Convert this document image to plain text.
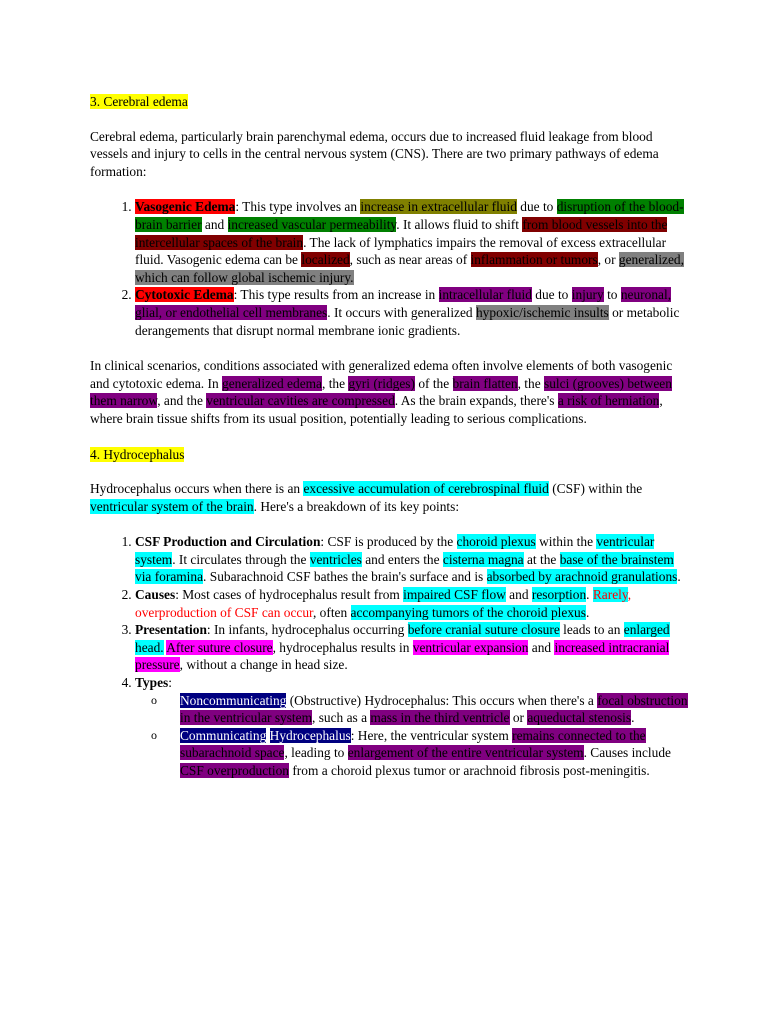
3. Cerebral edema

Cerebral edema, particularly brain parenchymal edema, occurs due to increased fluid leakage from blood vessels and injury to cells in the central nervous system (CNS). There are two primary pathways of edema formation:

1. Vasogenic Edema: This type involves an increase in extracellular fluid due to disruption of the blood-brain barrier and increased vascular permeability. It allows fluid to shift from blood vessels into the intercellular spaces of the brain. The lack of lymphatics impairs the removal of excess extracellular fluid. Vasogenic edema can be localized, such as near areas of inflammation or tumors, or generalized, which can follow global ischemic injury.
2. Cytotoxic Edema: This type results from an increase in intracellular fluid due to injury to neuronal, glial, or endothelial cell membranes. It occurs with generalized hypoxic/ischemic insults or metabolic derangements that disrupt normal membrane ionic gradients.

In clinical scenarios, conditions associated with generalized edema often involve elements of both vasogenic and cytotoxic edema. In generalized edema, the gyri (ridges) of the brain flatten, the sulci (grooves) between them narrow, and the ventricular cavities are compressed. As the brain expands, there's a risk of herniation, where brain tissue shifts from its usual position, potentially leading to serious complications.

4. Hydrocephalus

Hydrocephalus occurs when there is an excessive accumulation of cerebrospinal fluid (CSF) within the ventricular system of the brain. Here's a breakdown of its key points:

1. CSF Production and Circulation: CSF is produced by the choroid plexus within the ventricular system. It circulates through the ventricles and enters the cisterna magna at the base of the brainstem via foramina. Subarachnoid CSF bathes the brain's surface and is absorbed by arachnoid granulations.
2. Causes: Most cases of hydrocephalus result from impaired CSF flow and resorption. Rarely, overproduction of CSF can occur, often accompanying tumors of the choroid plexus.
3. Presentation: In infants, hydrocephalus occurring before cranial suture closure leads to an enlarged head. After suture closure, hydrocephalus results in ventricular expansion and increased intracranial pressure, without a change in head size.
4. Types:
o Noncommunicating (Obstructive) Hydrocephalus: This occurs when there's a focal obstruction in the ventricular system, such as a mass in the third ventricle or aqueductal stenosis.
o Communicating Hydrocephalus: Here, the ventricular system remains connected to the subarachnoid space, leading to enlargement of the entire ventricular system. Causes include CSF overproduction from a choroid plexus tumor or arachnoid fibrosis post-meningitis.
